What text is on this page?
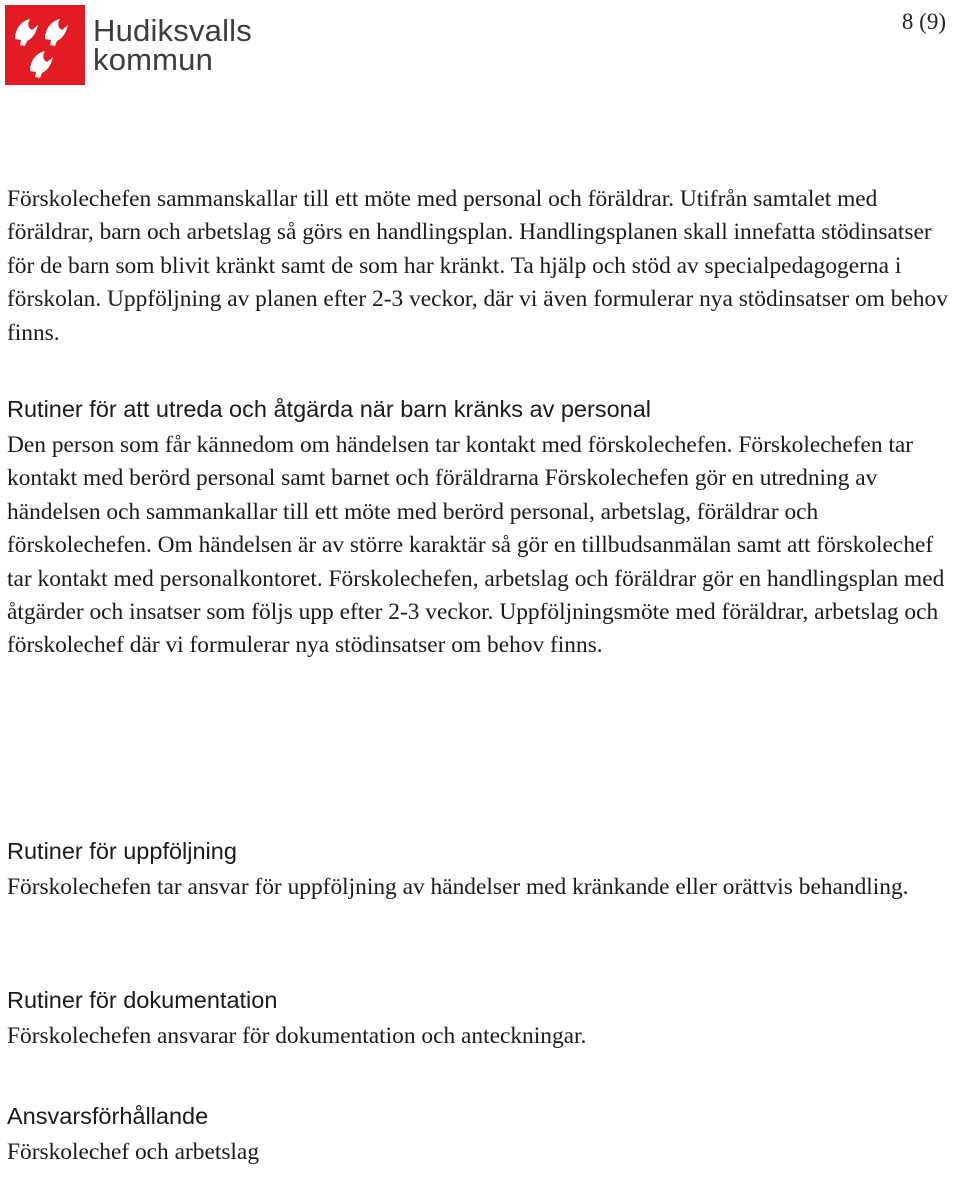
Hudiksvalls
kommun
8 (9)

Förskolechefen sammanskallar till ett möte med personal och föräldrar. Utifrån samtalet med föräldrar, barn och arbetslag så görs en handlingsplan. Handlingsplanen skall innefatta stödinsatser för de barn som blivit kränkt samt de som har kränkt. Ta hjälp och stöd av specialpedagogerna i förskolan. Uppföljning av planen efter 2-3 veckor, där vi även formulerar nya stödinsatser om behov finns.

Rutiner för att utreda och åtgärda när barn kränks av personal

Den person som får kännedom om händelsen tar kontakt med förskolechefen. Förskolechefen tar kontakt med berörd personal samt barnet och föräldrarna Förskolechefen gör en utredning av händelsen och sammankallar till ett möte med berörd personal, arbetslag, föräldrar och förskolechefen. Om händelsen är av större karaktär så gör en tillbudsanmälan samt att förskolechef tar kontakt med personalkontoret. Förskolechefen, arbetslag och föräldrar gör en handlingsplan med åtgärder och insatser som följs upp efter 2-3 veckor. Uppföljningsmöte med föräldrar, arbetslag och förskolechef där vi formulerar nya stödinsatser om behov finns.

Rutiner för uppföljning

Förskolechefen tar ansvar för uppföljning av händelser med kränkande eller orättvis behandling.

Rutiner för dokumentation

Förskolechefen ansvarar för dokumentation och anteckningar.

Ansvarsförhållande

Förskolechef och arbetslag
